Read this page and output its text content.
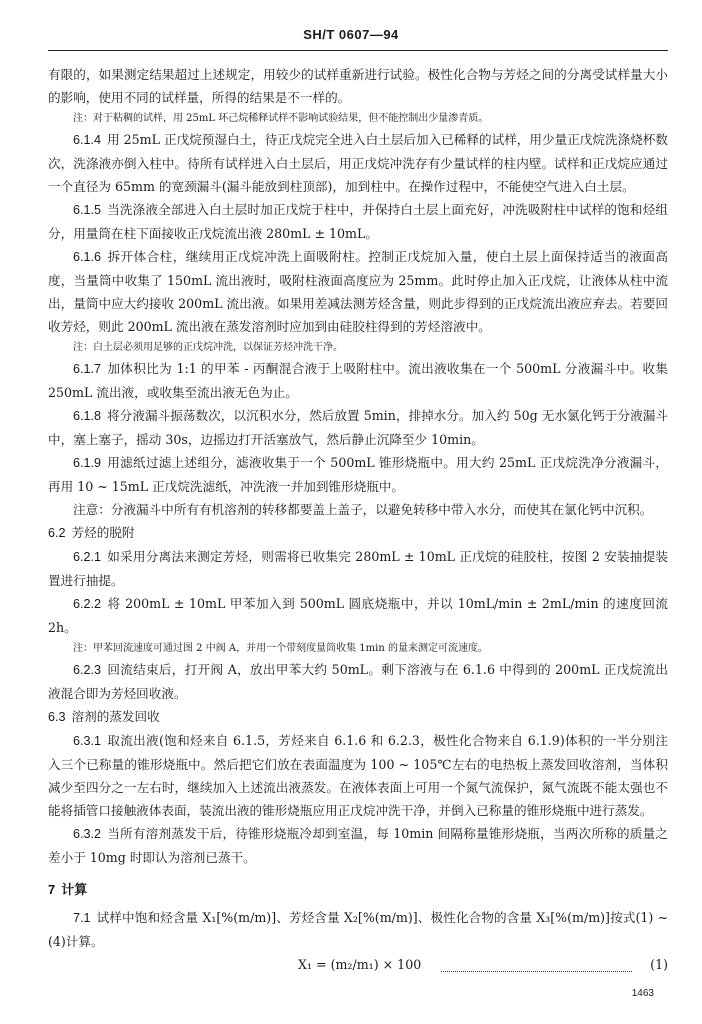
SH/T 0607—94

有限的，如果测定结果超过上述规定，用较少的试样重新进行试验。极性化合物与芳烃之间的分离受试样量大小的影响，使用不同的试样量，所得的结果是不一样的。

注：对于粘稠的试样，用 25mL 环己烷稀释试样不影响试验结果，但不能控制出少量渗青质。

6.1.4 用 25mL 正戊烷预湿白土，待正戊烷完全进入白土层后加入已稀释的试样，用少量正戊烷洗涤烧杯数次，洗涤液亦倒入柱中。待所有试样进入白土层后，用正戊烷冲洗存有少量试样的柱内壁。试样和正戊烷应通过一个直径为 65mm 的宽颈漏斗(漏斗能放到柱顶部)，加到柱中。在操作过程中，不能使空气进入白土层。

6.1.5 当洗涤液全部进入白土层时加正戊烷于柱中，并保持白土层上面充好，冲洗吸附柱中试样的饱和烃组分，用量筒在柱下面接收正戊烷流出液 280mL ± 10mL。

6.1.6 拆开体合柱，继续用正戊烷冲洗上面吸附柱。控制正戊烷加入量，使白土层上面保持适当的液面高度，当量筒中收集了 150mL 流出液时，吸附柱液面高度应为 25mm。此时停止加入正戊烷，让液体从柱中流出，量筒中应大约接收 200mL 流出液。如果用差减法测芳烃含量，则此步得到的正戊烷流出液应弃去。若要回收芳烃，则此 200mL 流出液在蒸发溶剂时应加到由硅胶柱得到的芳烃溶液中。

注：白土层必须用足够的正戊烷冲洗，以保证芳烃冲洗干净。

6.1.7 加体积比为 1:1 的甲苯 - 丙酮混合液于上吸附柱中。流出液收集在一个 500mL 分液漏斗中。收集 250mL 流出液，或收集至流出液无色为止。

6.1.8 将分液漏斗振荡数次，以沉积水分，然后放置 5min，排掉水分。加入约 50g 无水氯化钙于分液漏斗中，塞上塞子，摇动 30s，边摇边打开活塞放气，然后静止沉降至少 10min。

6.1.9 用滤纸过滤上述组分，滤液收集于一个 500mL 锥形烧瓶中。用大约 25mL 正戊烷洗净分液漏斗，再用 10 ~ 15mL 正戊烷洗滤纸，冲洗液一并加到锥形烧瓶中。

注意：分液漏斗中所有有机溶剂的转移都要盖上盖子，以避免转移中带入水分，而使其在氯化钙中沉积。

6.2 芳烃的脱附

6.2.1 如采用分离法来测定芳烃，则需将已收集完 280mL ± 10mL 正戊烷的硅胶柱，按图 2 安装抽提装置进行抽提。

6.2.2 将 200mL ± 10mL 甲苯加入到 500mL 圆底烧瓶中，并以 10mL/min ± 2mL/min 的速度回流 2h。

注：甲苯回流速度可通过图 2 中阀 A，并用一个带刻度量筒收集 1min 的量来测定可流速度。

6.2.3 回流结束后，打开阀 A，放出甲苯大约 50mL。剩下溶液与在 6.1.6 中得到的 200mL 正戊烷流出液混合即为芳烃回收液。

6.3 溶剂的蒸发回收

6.3.1 取流出液(饱和烃来自 6.1.5，芳烃来自 6.1.6 和 6.2.3，极性化合物来自 6.1.9)体积的一半分别注入三个已称量的锥形烧瓶中。然后把它们放在表面温度为 100 ~ 105℃左右的电热板上蒸发回收溶剂，当体积减少至四分之一左右时，继续加入上述流出液蒸发。在液体表面上可用一个氮气流保护，氮气流既不能太强也不能将插管口接触液体表面，装流出液的锥形烧瓶应用正戊烷冲洗干净，并倒入已称量的锥形烧瓶中进行蒸发。

6.3.2 当所有溶剂蒸发干后，待锥形烧瓶冷却到室温，每 10min 间隔称量锥形烧瓶，当两次所称的质量之差小于 10mg 时即认为溶剂已蒸干。

7 计算

7.1 试样中饱和烃含量 X₁[%(m/m)]、芳烃含量 X₂[%(m/m)]、极性化合物的含量 X₃[%(m/m)]按式(1) ~ (4)计算。

X₁ = (m₂/m₁) × 100	(1)
1463
